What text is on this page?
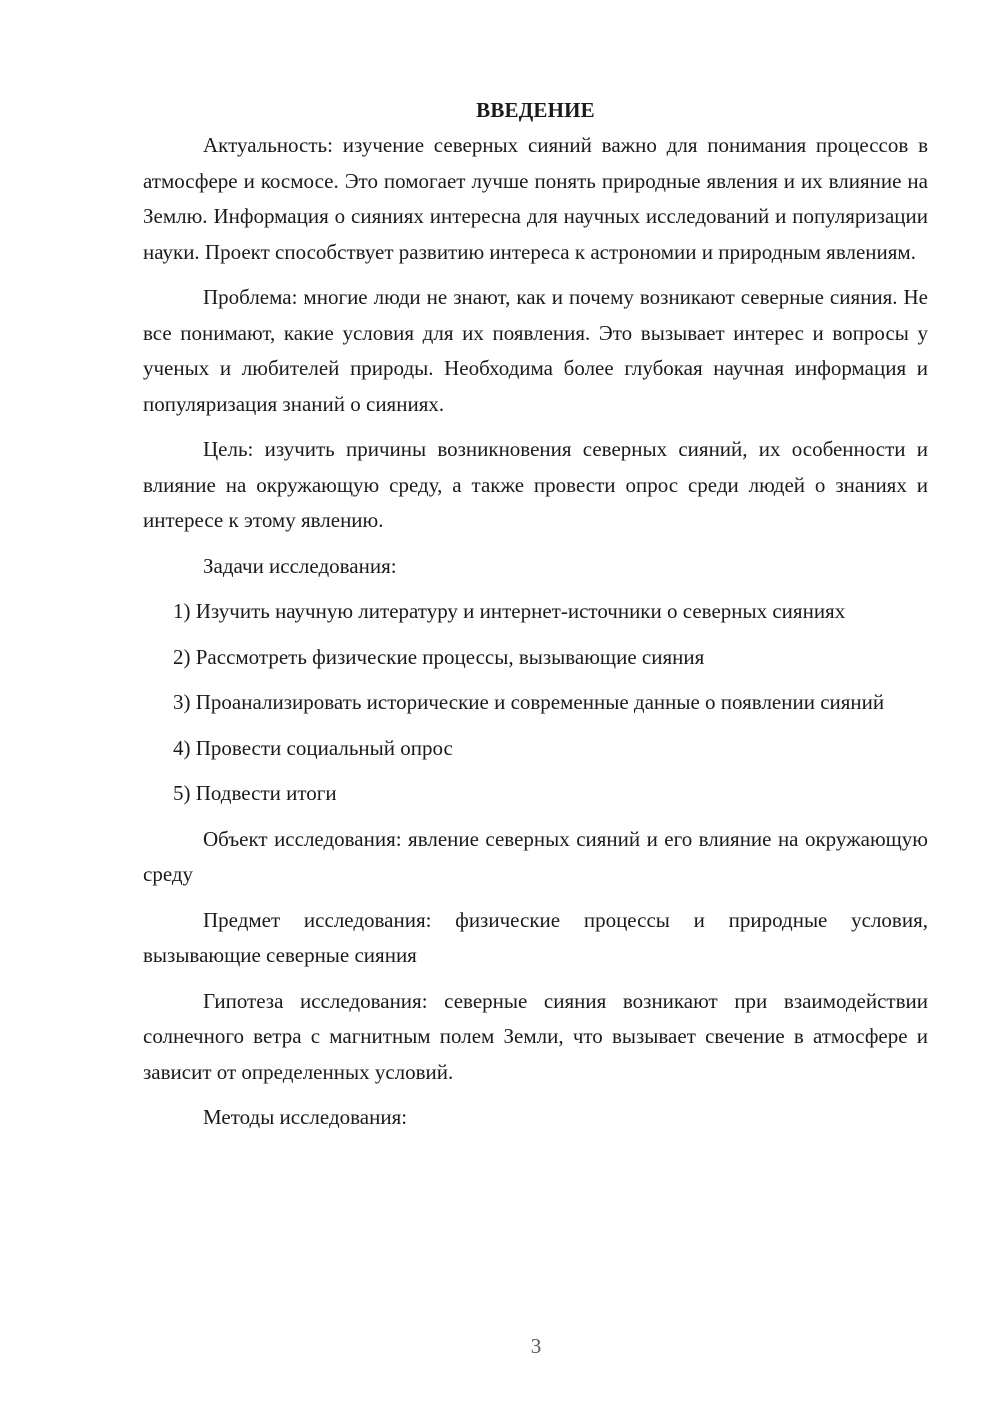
ВВЕДЕНИЕ

Актуальность: изучение северных сияний важно для понимания процессов в атмосфере и космосе. Это помогает лучше понять природные явления и их влияние на Землю. Информация о сияниях интересна для научных исследований и популяризации науки. Проект способствует развитию интереса к астрономии и природным явлениям.

Проблема: многие люди не знают, как и почему возникают северные сияния. Не все понимают, какие условия для их появления. Это вызывает интерес и вопросы у ученых и любителей природы. Необходима более глубокая научная информация и популяризация знаний о сияниях.

Цель: изучить причины возникновения северных сияний, их особенности и влияние на окружающую среду, а также провести опрос среди людей о знаниях и интересе к этому явлению.

Задачи исследования:

1) Изучить научную литературу и интернет-источники о северных сияниях

2) Рассмотреть физические процессы, вызывающие сияния

3) Проанализировать исторические и современные данные о появлении сияний

4) Провести социальный опрос

5) Подвести итоги

Объект исследования: явление северных сияний и его влияние на окружающую среду

Предмет исследования: физические процессы и природные условия, вызывающие северные сияния

Гипотеза исследования: северные сияния возникают при взаимодействии солнечного ветра с магнитным полем Земли, что вызывает свечение в атмосфере и зависит от определенных условий.

Методы исследования:

3
